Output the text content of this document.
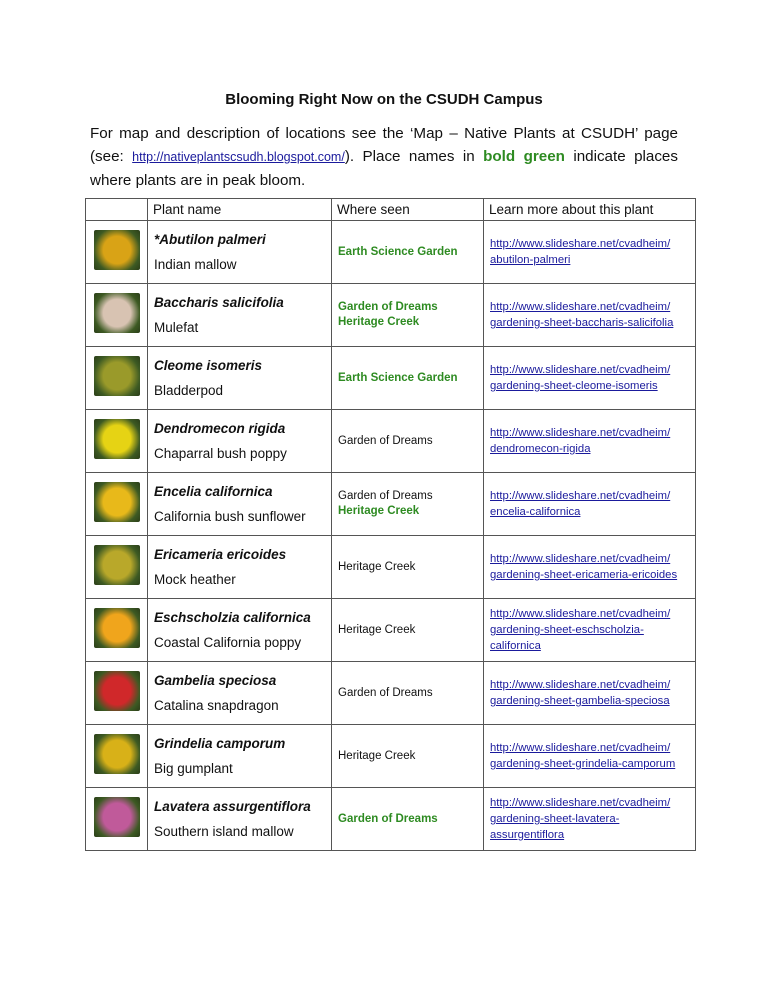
Blooming Right Now on the CSUDH Campus
For map and description of locations see the ‘Map – Native Plants at CSUDH’ page (see: http://nativeplantscsudh.blogspot.com/). Place names in bold green indicate places where plants are in peak bloom.
	Plant name	Where seen	Learn more about this plant

	*Abutilon palmeri
Indian mallow	Earth Science Garden	http://www.slideshare.net/cvadheim/
abutilon-palmeri

	Baccharis salicifolia
Mulefat	Garden of Dreams
Heritage Creek	http://www.slideshare.net/cvadheim/
gardening-sheet-baccharis-salicifolia

	Cleome isomeris
Bladderpod	Earth Science Garden	http://www.slideshare.net/cvadheim/
gardening-sheet-cleome-isomeris

	Dendromecon rigida
Chaparral bush poppy	Garden of Dreams	http://www.slideshare.net/cvadheim/
dendromecon-rigida

	Encelia californica
California bush sunflower	Garden of Dreams
Heritage Creek	http://www.slideshare.net/cvadheim/
encelia-californica

	Ericameria ericoides
Mock heather	Heritage Creek	http://www.slideshare.net/cvadheim/
gardening-sheet-ericameria-ericoides

	Eschscholzia californica
Coastal California poppy	Heritage Creek	http://www.slideshare.net/cvadheim/
gardening-sheet-eschscholzia-
californica

	Gambelia speciosa
Catalina snapdragon	Garden of Dreams	http://www.slideshare.net/cvadheim/
gardening-sheet-gambelia-speciosa

	Grindelia camporum
Big gumplant	Heritage Creek	http://www.slideshare.net/cvadheim/
gardening-sheet-grindelia-camporum

	Lavatera assurgentiflora
Southern island mallow	Garden of Dreams	http://www.slideshare.net/cvadheim/
gardening-sheet-lavatera-
assurgentiflora
